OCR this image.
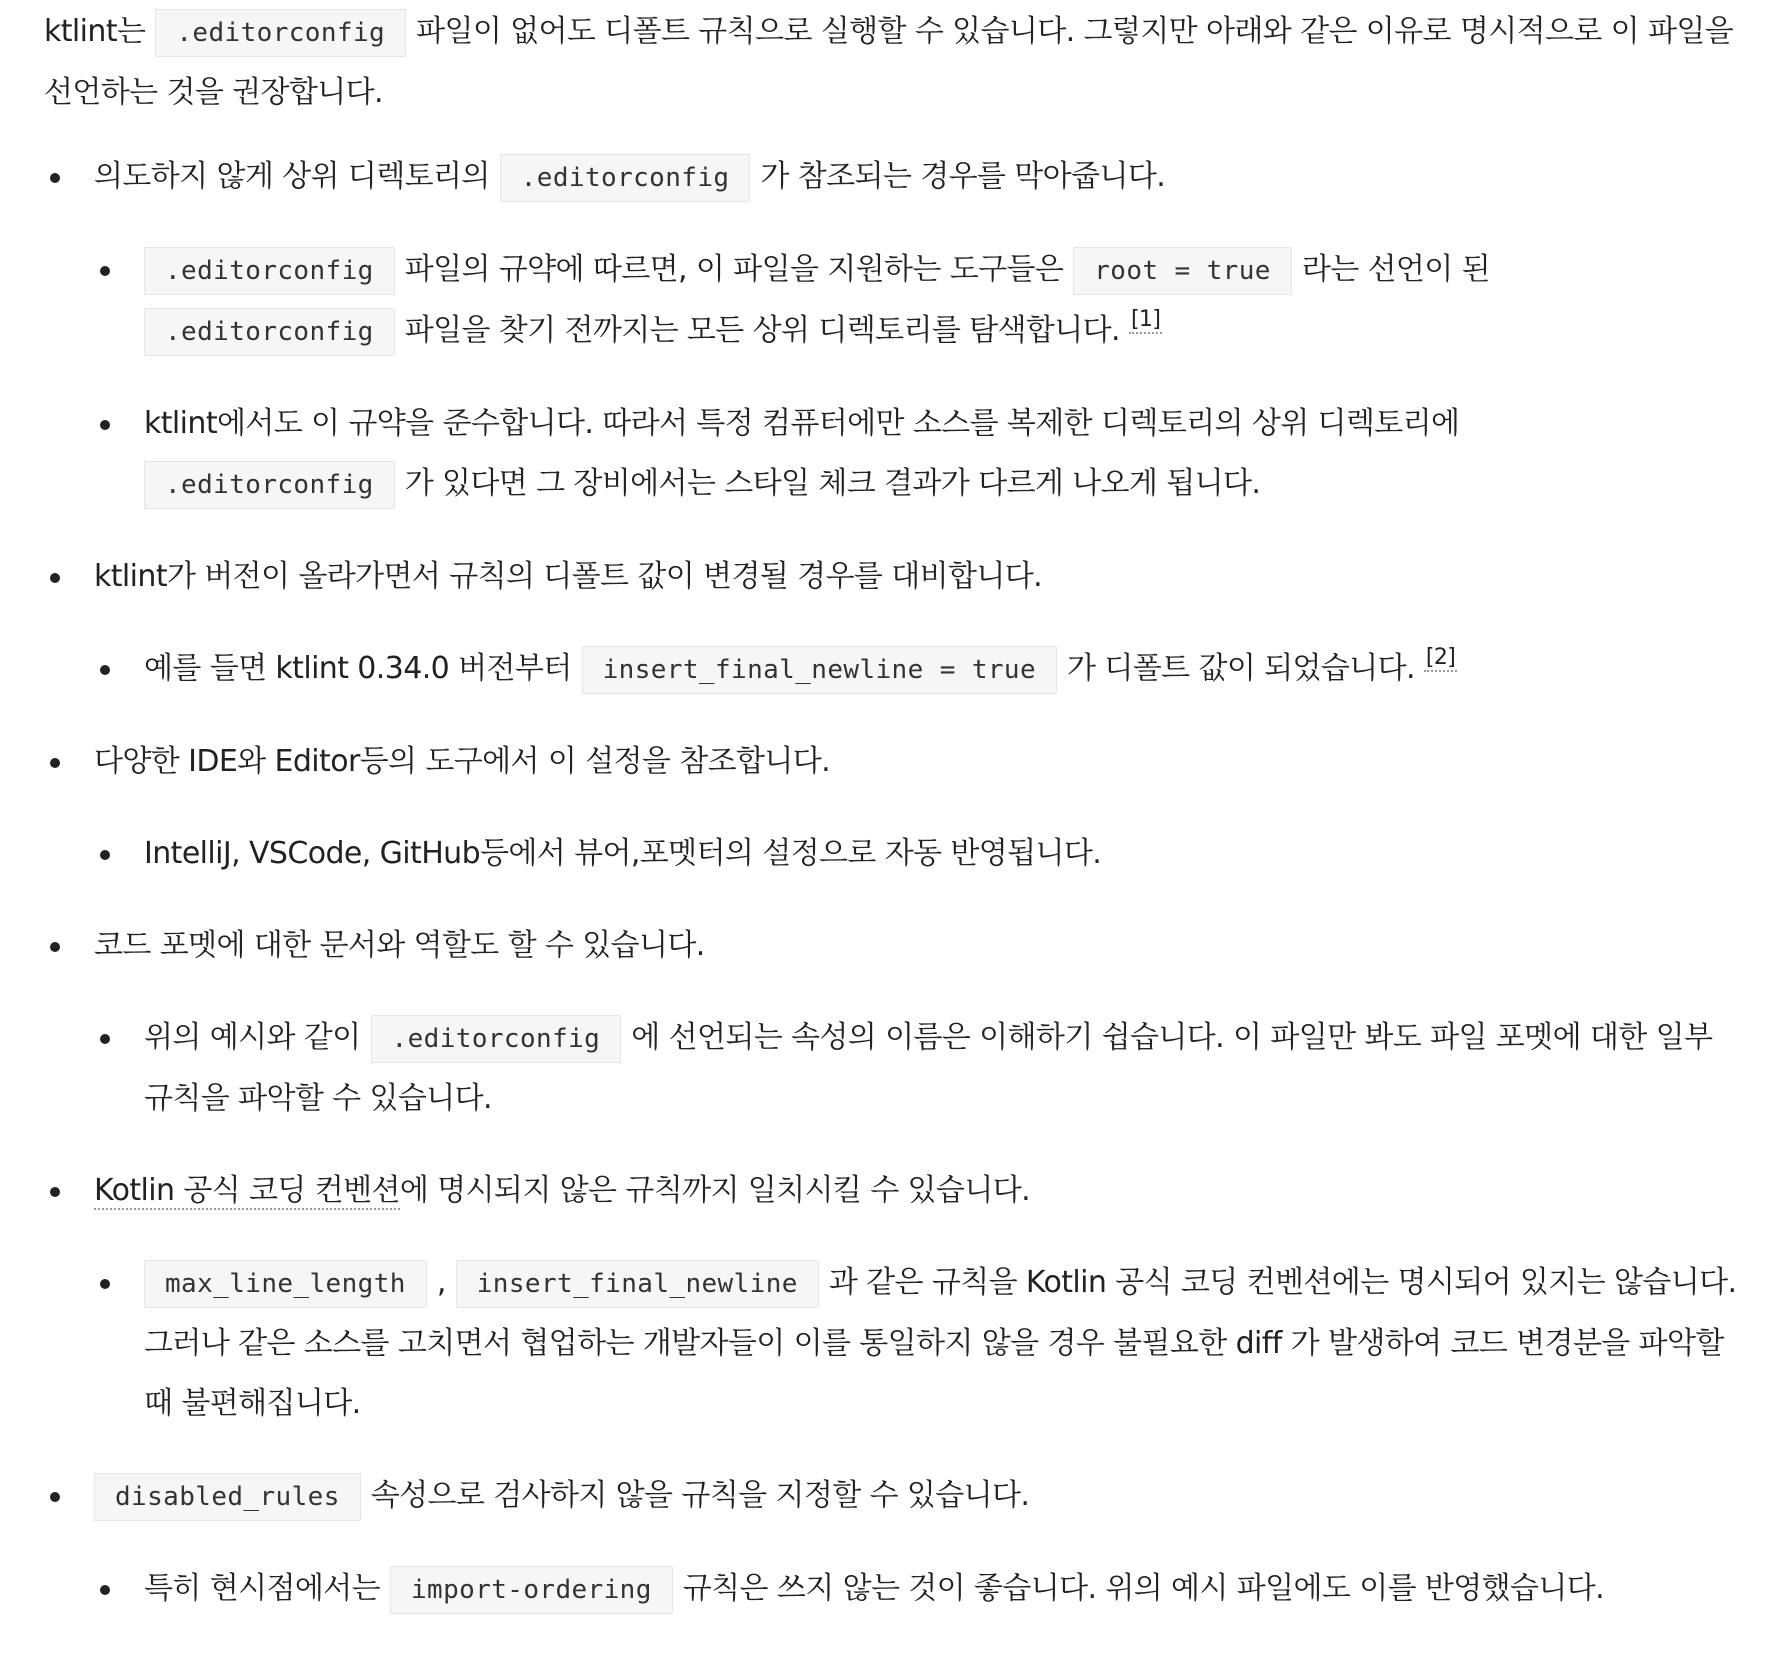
ktlint는 .editorconfig 파일이 없어도 디폴트 규칙으로 실행할 수 있습니다. 그렇지만 아래와 같은 이유로 명시적으로 이 파일을 선언하는 것을 권장합니다.

의도하지 않게 상위 디렉토리의 .editorconfig 가 참조되는 경우를 막아줍니다.
.editorconfig 파일의 규약에 따르면, 이 파일을 지원하는 도구들은 root = true 라는 선언이 된
.editorconfig 파일을 찾기 전까지는 모든 상위 디렉토리를 탐색합니다. [1]
ktlint에서도 이 규약을 준수합니다. 따라서 특정 컴퓨터에만 소스를 복제한 디렉토리의 상위 디렉토리에
.editorconfig 가 있다면 그 장비에서는 스타일 체크 결과가 다르게 나오게 됩니다.
ktlint가 버전이 올라가면서 규칙의 디폴트 값이 변경될 경우를 대비합니다.
예를 들면 ktlint 0.34.0 버전부터 insert_final_newline = true 가 디폴트 값이 되었습니다. [2]
다양한 IDE와 Editor등의 도구에서 이 설정을 참조합니다.
IntelliJ, VSCode, GitHub등에서 뷰어,포멧터의 설정으로 자동 반영됩니다.
코드 포멧에 대한 문서와 역할도 할 수 있습니다.
위의 예시와 같이 .editorconfig 에 선언되는 속성의 이름은 이해하기 쉽습니다. 이 파일만 봐도 파일 포멧에 대한 일부 규칙을 파악할 수 있습니다.
Kotlin 공식 코딩 컨벤션에 명시되지 않은 규칙까지 일치시킬 수 있습니다.
max_line_length , insert_final_newline 과 같은 규칙을 Kotlin 공식 코딩 컨벤션에는 명시되어 있지는 않습니다. 그러나 같은 소스를 고치면서 협업하는 개발자들이 이를 통일하지 않을 경우 불필요한 diff 가 발생하여 코드 변경분을 파악할 때 불편해집니다.
disabled_rules 속성으로 검사하지 않을 규칙을 지정할 수 있습니다.
특히 현시점에서는 import-ordering 규칙은 쓰지 않는 것이 좋습니다. 위의 예시 파일에도 이를 반영했습니다.
